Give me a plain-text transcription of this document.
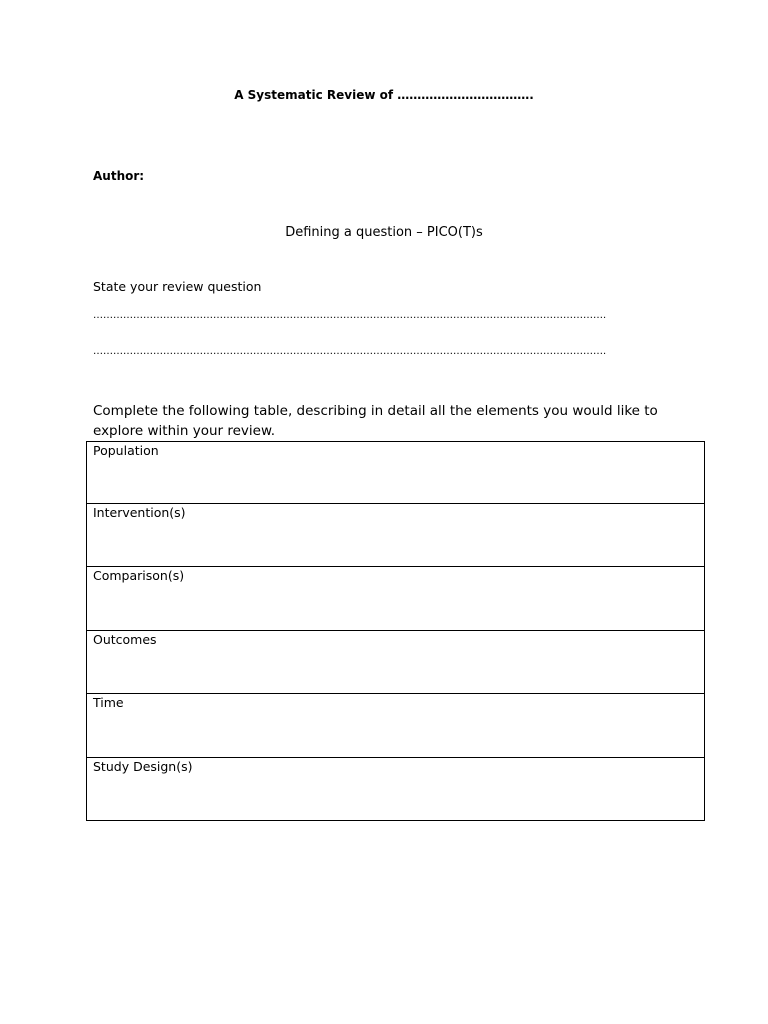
A Systematic Review of …………………………….
Author:
Defining a question – PICO(T)s
State your review question
……………………………………………………………………………………………………………………………………….
……………………………………………………………………………………………………………………………………….
Complete the following table, describing in detail all the elements you would like to explore within your review.
Population
Intervention(s)
Comparison(s)
Outcomes
Time
Study Design(s)
